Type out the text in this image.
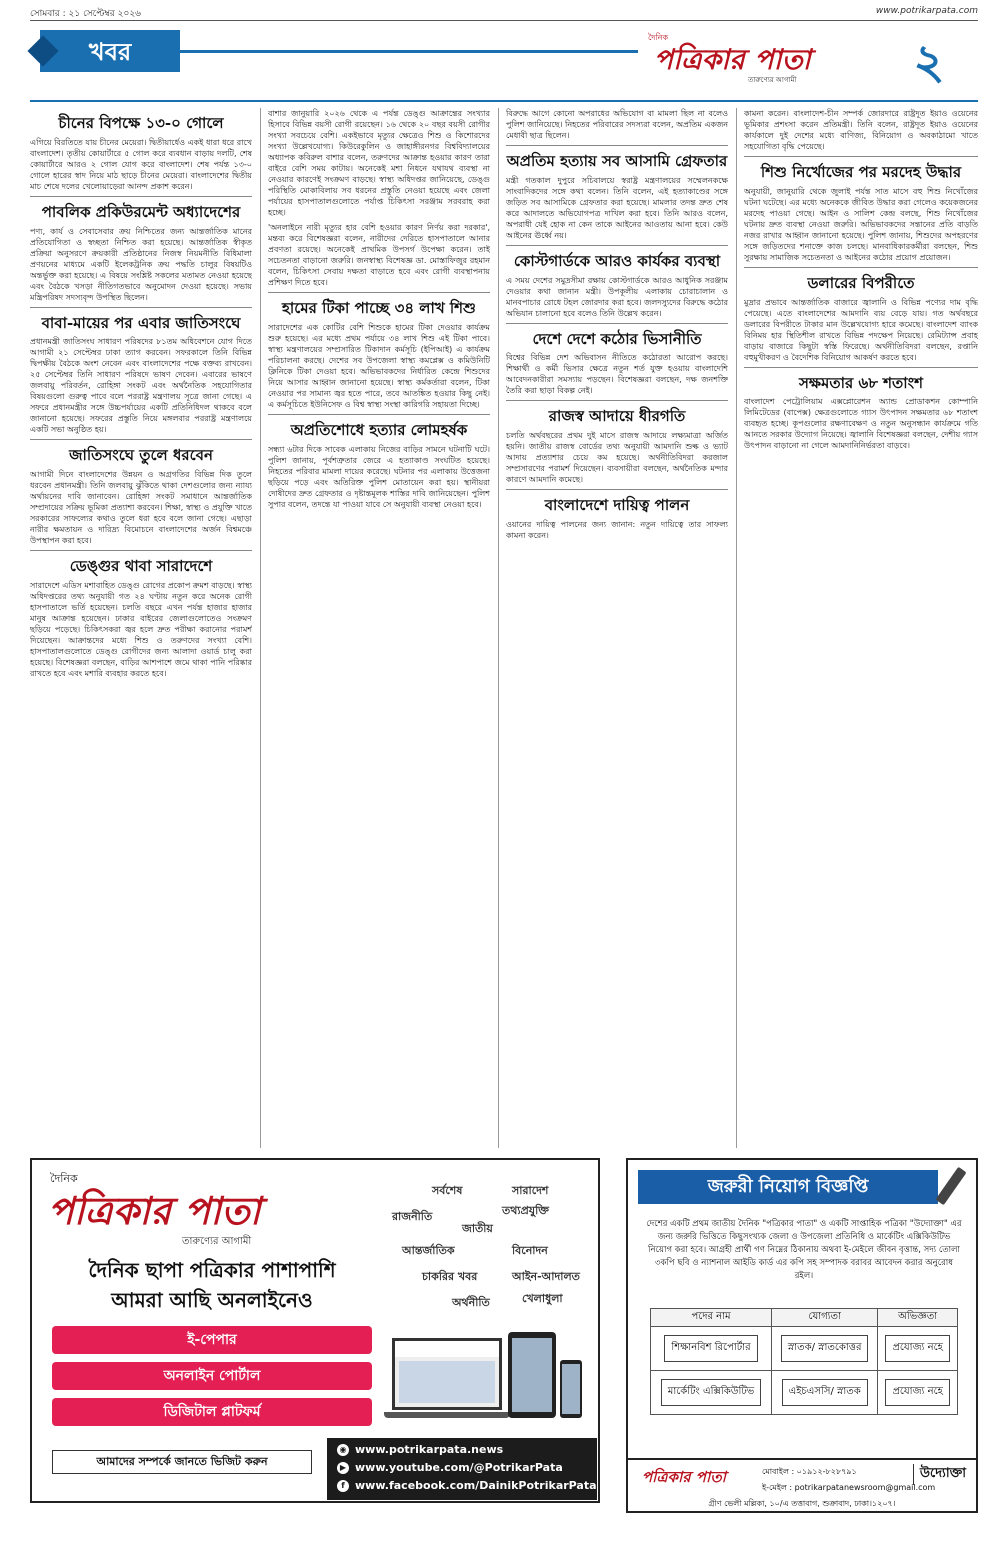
সোমবার : ২১ সেপ্টেম্বর ২০২৬	www.potrikarpata.com
খবর	দৈনিক
পত্রিকার পাতা
তারুণ্যের আগামী	২
চীনের বিপক্ষে ১৩-০ গোলে
এগিয়ে বিরতিতে যায় চীনের মেয়েরা। দ্বিতীয়ার্ধেও একই ধারা ধরে রাখে বাংলাদেশ। তৃতীয় কোয়ার্টারে ৫ গোল করে ব্যবধান বাড়ায় দলটি, শেষ কোয়ার্টারে আরও ২ গোল যোগ করে বাংলাদেশ। শেষ পর্যন্ত ১৩-০ গোলে হারের স্বাদ নিয়ে মাঠ ছাড়ে চীনের মেয়েরা। বাংলাদেশের দ্বিতীয় মাচ শেষে দলের খেলোয়াড়েরা আনন্দ প্রকাশ করেন।
পাবলিক প্রকিউরমেন্ট অধ্যাদেশের
পণ্য, কার্য ও সেবাসেবার ক্রয় নিশ্চিতের জন্য আন্তর্জাতিক মানের প্রতিযোগিতা ও স্বচ্ছতা নিশ্চিত করা হয়েছে। আন্তর্জাতিক স্বীকৃত প্রক্রিয়া অনুসরণে ক্রয়কারী প্রতিষ্ঠানের নিজস্ব নিয়মনীতি বিধিমালা প্রণয়নের মাধ্যমে একটি ইলেকট্রনিক ক্রয় পদ্ধতি চালুর বিষয়টিও অন্তর্ভুক্ত করা হয়েছে। এ বিষয়ে সংশ্লিষ্ট সকলের মতামত নেওয়া হয়েছে এবং বৈঠকে খসড়া নীতিগতভাবে অনুমোদন দেওয়া হয়েছে। সভায় মন্ত্রিপরিষদ সদস্যবৃন্দ উপস্থিত ছিলেন।
বাবা-মায়ের পর এবার জাতিসংঘে
প্রধানমন্ত্রী জাতিসংঘ সাধারণ পরিষদের ৮১তম অধিবেশনে যোগ দিতে আগামী ২১ সেপ্টেম্বর ঢাকা ত্যাগ করবেন। সফরকালে তিনি বিভিন্ন দ্বিপক্ষীয় বৈঠকে অংশ নেবেন এবং বাংলাদেশের পক্ষে বক্তব্য রাখবেন। ২৫ সেপ্টেম্বর তিনি সাধারণ পরিষদে ভাষণ দেবেন। এবারের ভাষণে জলবায়ু পরিবর্তন, রোহিঙ্গা সংকট এবং অর্থনৈতিক সহযোগিতার বিষয়গুলো গুরুত্ব পাবে বলে পররাষ্ট্র মন্ত্রণালয় সূত্রে জানা গেছে। এ সফরে প্রধানমন্ত্রীর সঙ্গে উচ্চপর্যায়ের একটি প্রতিনিধিদল থাকবে বলে জানানো হয়েছে। সফরের প্রস্তুতি নিয়ে মঙ্গলবার পররাষ্ট্র মন্ত্রণালয়ে একটি সভা অনুষ্ঠিত হয়।
জাতিসংঘে তুলে ধরবেন
আগামী দিনে বাংলাদেশের উন্নয়ন ও অগ্রগতির বিভিন্ন দিক তুলে ধরবেন প্রধানমন্ত্রী। তিনি জলবায়ু ঝুঁকিতে থাকা দেশগুলোর জন্য ন্যায্য অর্থায়নের দাবি জানাবেন। রোহিঙ্গা সংকট সমাধানে আন্তর্জাতিক সম্প্রদায়ের সক্রিয় ভূমিকা প্রত্যাশা করবেন। শিক্ষা, স্বাস্থ্য ও প্রযুক্তি খাতে সরকারের সাফল্যের কথাও তুলে ধরা হবে বলে জানা গেছে। এছাড়া নারীর ক্ষমতায়ন ও দারিদ্র্য বিমোচনে বাংলাদেশের অর্জন বিশ্বমঞ্চে উপস্থাপন করা হবে।
ডেঙ্গুর থাবা সারাদেশে
সারাদেশে এডিস মশাবাহিত ডেঙ্গু রোগের প্রকোপ ক্রমশ বাড়ছে। স্বাস্থ্য অধিদপ্তরের তথ্য অনুযায়ী গত ২৪ ঘণ্টায় নতুন করে অনেক রোগী হাসপাতালে ভর্তি হয়েছেন। চলতি বছরে এখন পর্যন্ত হাজার হাজার মানুষ আক্রান্ত হয়েছেন। ঢাকার বাইরের জেলাগুলোতেও সংক্রমণ ছড়িয়ে পড়েছে। চিকিৎসকরা জ্বর হলে দ্রুত পরীক্ষা করানোর পরামর্শ দিয়েছেন। আক্রান্তদের মধ্যে শিশু ও তরুণদের সংখ্যা বেশি। হাসপাতালগুলোতে ডেঙ্গু রোগীদের জন্য আলাদা ওয়ার্ড চালু করা হয়েছে। বিশেষজ্ঞরা বলছেন, বাড়ির আশপাশে জমে থাকা পানি পরিষ্কার রাখতে হবে এবং মশারি ব্যবহার করতে হবে।
বাশার জানুয়ারি ২০২৬ থেকে এ পর্যন্ত ডেঙ্গু আক্রান্তের সংখ্যার হিসাবে বিভিন্ন বয়সী রোগী রয়েছেন। ১৬ থেকে ২০ বছর বয়সী রোগীর সংখ্যা সবচেয়ে বেশি। একইভাবে মৃত্যুর ক্ষেত্রেও শিশু ও কিশোরদের সংখ্যা উল্লেখযোগ্য। কিউরেকুলিন ও জাহাঙ্গীরনগর বিশ্ববিদ্যালয়ের অধ্যাপক কবিরুল বাশার বলেন, তরুণদের আক্রান্ত হওয়ার কারণ তারা বাইরে বেশি সময় কাটায়। অনেকেই মশা নিধনে যথাযথ ব্যবস্থা না নেওয়ার কারণেই সংক্রমণ বাড়ছে। স্বাস্থ্য অধিদপ্তর জানিয়েছে, ডেঙ্গু পরিস্থিতি মোকাবিলায় সব ধরনের প্রস্তুতি নেওয়া হয়েছে এবং জেলা পর্যায়ের হাসপাতালগুলোতে পর্যাপ্ত চিকিৎসা সরঞ্জাম সরবরাহ করা হচ্ছে।
'অনলাইনে নারী মৃত্যুর হার বেশি হওয়ার কারণ নির্ণয় করা দরকার', মন্তব্য করে বিশেষজ্ঞরা বলেন, নারীদের দেরিতে হাসপাতালে আনার প্রবণতা রয়েছে। অনেকেই প্রাথমিক উপসর্গ উপেক্ষা করেন। তাই সচেতনতা বাড়ানো জরুরি। জনস্বাস্থ্য বিশেষজ্ঞ ডা. মোস্তাফিজুর রহমান বলেন, চিকিৎসা সেবায় দক্ষতা বাড়াতে হবে এবং রোগী ব্যবস্থাপনায় প্রশিক্ষণ দিতে হবে।
হামের টিকা পাচ্ছে ৩৪ লাখ শিশু
সারাদেশের এক কোটির বেশি শিশুকে হামের টিকা দেওয়ার কার্যক্রম শুরু হয়েছে। এর মধ্যে প্রথম পর্যায়ে ৩৪ লাখ শিশু এই টিকা পাবে। স্বাস্থ্য মন্ত্রণালয়ের সম্প্রসারিত টিকাদান কর্মসূচি (ইপিআই) এ কার্যক্রম পরিচালনা করছে। দেশের সব উপজেলা স্বাস্থ্য কমপ্লেক্স ও কমিউনিটি ক্লিনিকে টিকা দেওয়া হবে। অভিভাবকদের নির্ধারিত কেন্দ্রে শিশুদের নিয়ে আসার আহ্বান জানানো হয়েছে। স্বাস্থ্য কর্মকর্তারা বলেন, টিকা নেওয়ার পর সামান্য জ্বর হতে পারে, তবে আতঙ্কিত হওয়ার কিছু নেই। এ কর্মসূচিতে ইউনিসেফ ও বিশ্ব স্বাস্থ্য সংস্থা কারিগরি সহায়তা দিচ্ছে।
অপ্রতিশোধে হত্যার লোমহর্ষক
সন্ধ্যা ৬টার দিকে সাবেক এলাকায় নিজের বাড়ির সামনে ঘটনাটি ঘটে। পুলিশ জানায়, পূর্বশত্রুতার জেরে এ হত্যাকাণ্ড সংঘটিত হয়েছে। নিহতের পরিবার মামলা দায়ের করেছে। ঘটনার পর এলাকায় উত্তেজনা ছড়িয়ে পড়ে এবং অতিরিক্ত পুলিশ মোতায়েন করা হয়। স্থানীয়রা দোষীদের দ্রুত গ্রেফতার ও দৃষ্টান্তমূলক শাস্তির দাবি জানিয়েছেন। পুলিশ সুপার বলেন, তদন্তে যা পাওয়া যাবে সে অনুযায়ী ব্যবস্থা নেওয়া হবে।
বিরুদ্ধে আগে কোনো অপরাধের অভিযোগ বা মামলা ছিল না বলেও পুলিশ জানিয়েছে। নিহতের পরিবারের সদস্যরা বলেন, অপ্রতিম একজন মেধাবী ছাত্র ছিলেন।
অপ্রতিম হত্যায় সব আসামি গ্রেফতার
মন্ত্রী গতকাল দুপুরে সচিবালয়ে স্বরাষ্ট্র মন্ত্রণালয়ের সম্মেলনকক্ষে সাংবাদিকদের সঙ্গে কথা বলেন। তিনি বলেন, এই হত্যাকাণ্ডের সঙ্গে জড়িত সব আসামিকে গ্রেফতার করা হয়েছে। মামলার তদন্ত দ্রুত শেষ করে আদালতে অভিযোগপত্র দাখিল করা হবে। তিনি আরও বলেন, অপরাধী যেই হোক না কেন তাকে আইনের আওতায় আনা হবে। কেউ আইনের ঊর্ধ্বে নয়।
কোস্টগার্ডকে আরও কার্যকর ব্যবস্থা
এ সময় দেশের সমুদ্রসীমা রক্ষায় কোস্টগার্ডকে আরও আধুনিক সরঞ্জাম দেওয়ার কথা জানান মন্ত্রী। উপকূলীয় এলাকায় চোরাচালান ও মানবপাচার রোধে টহল জোরদার করা হবে। জলদস্যুদের বিরুদ্ধে কঠোর অভিযান চালানো হবে বলেও তিনি উল্লেখ করেন।
দেশে দেশে কঠোর ভিসানীতি
বিশ্বের বিভিন্ন দেশ অভিবাসন নীতিতে কঠোরতা আরোপ করছে। শিক্ষার্থী ও কর্মী ভিসার ক্ষেত্রে নতুন শর্ত যুক্ত হওয়ায় বাংলাদেশি আবেদনকারীরা সমস্যায় পড়ছেন। বিশেষজ্ঞরা বলছেন, দক্ষ জনশক্তি তৈরি করা ছাড়া বিকল্প নেই।
রাজস্ব আদায়ে ধীরগতি
চলতি অর্থবছরের প্রথম দুই মাসে রাজস্ব আদায়ে লক্ষ্যমাত্রা অর্জিত হয়নি। জাতীয় রাজস্ব বোর্ডের তথ্য অনুযায়ী আমদানি শুল্ক ও ভ্যাট আদায় প্রত্যাশার চেয়ে কম হয়েছে। অর্থনীতিবিদরা করজাল সম্প্রসারণের পরামর্শ দিয়েছেন। ব্যবসায়ীরা বলছেন, অর্থনৈতিক মন্দার কারণে আমদানি কমেছে।
বাংলাদেশে দায়িত্ব পালন
ওয়ানের দায়িত্ব পালনের জন্য জানান: নতুন দায়িত্বে তার সাফল্য কামনা করেন।
কামনা করেন। বাংলাদেশ-চীন সম্পর্ক জোরদারে রাষ্ট্রদূত ইয়াও ওয়েনের ভূমিকার প্রশংসা করেন প্রতিমন্ত্রী। তিনি বলেন, রাষ্ট্রদূত ইয়াও ওয়েনের কার্যকালে দুই দেশের মধ্যে বাণিজ্য, বিনিয়োগ ও অবকাঠামো খাতে সহযোগিতা বৃদ্ধি পেয়েছে।
শিশু নির্খোজের পর মরদেহ উদ্ধার
অনুযায়ী, জানুয়ারি থেকে জুলাই পর্যন্ত সাত মাসে বহু শিশু নিখোঁজের ঘটনা ঘটেছে। এর মধ্যে অনেককে জীবিত উদ্ধার করা গেলেও কয়েকজনের মরদেহ পাওয়া গেছে। আইন ও সালিশ কেন্দ্র বলছে, শিশু নিখোঁজের ঘটনায় দ্রুত ব্যবস্থা নেওয়া জরুরি। অভিভাবকদের সন্তানের প্রতি বাড়তি নজর রাখার আহ্বান জানানো হয়েছে। পুলিশ জানায়, শিশুদের অপহরণের সঙ্গে জড়িতদের শনাক্তে কাজ চলছে। মানবাধিকারকর্মীরা বলছেন, শিশু সুরক্ষায় সামাজিক সচেতনতা ও আইনের কঠোর প্রয়োগ প্রয়োজন।
ডলারের বিপরীতে
মুদ্রার প্রভাবে আন্তর্জাতিক বাজারে জ্বালানি ও বিভিন্ন পণ্যের দাম বৃদ্ধি পেয়েছে। এতে বাংলাদেশের আমদানি ব্যয় বেড়ে যায়। গত অর্থবছরে ডলারের বিপরীতে টাকার মান উল্লেখযোগ্য হারে কমেছে। বাংলাদেশ ব্যাংক বিনিময় হার স্থিতিশীল রাখতে বিভিন্ন পদক্ষেপ নিয়েছে। রেমিট্যান্স প্রবাহ বাড়ায় বাজারে কিছুটা স্বস্তি ফিরেছে। অর্থনীতিবিদরা বলছেন, রপ্তানি বহুমুখীকরণ ও বৈদেশিক বিনিয়োগ আকর্ষণ করতে হবে।
সক্ষমতার ৬৮ শতাংশ
বাংলাদেশ পেট্রোলিয়াম এক্সপ্লোরেশন অ্যান্ড প্রোডাকশন কোম্পানি লিমিটেডের (বাপেক্স) ক্ষেত্রগুলোতে গ্যাস উৎপাদন সক্ষমতার ৬৮ শতাংশ ব্যবহৃত হচ্ছে। কূপগুলোর রক্ষণাবেক্ষণ ও নতুন অনুসন্ধান কার্যক্রমে গতি আনতে সরকার উদ্যোগ নিয়েছে। জ্বালানি বিশেষজ্ঞরা বলছেন, দেশীয় গ্যাস উৎপাদন বাড়ানো না গেলে আমদানিনির্ভরতা বাড়বে।
দৈনিক
পত্রিকার পাতা
তারুণ্যের আগামী
দৈনিক ছাপা পত্রিকার পাশাপাশি
আমরা আছি অনলাইনেও
ই-পেপার
অনলাইন পোর্টাল
ডিজিটাল প্লাটফর্ম
সর্বশেষ	সারাদেশ
তথ্যপ্রযুক্তি
রাজনীতি
জাতীয়
আন্তর্জাতিক	বিনোদন
চাকরির খবর	আইন-আদালত
খেলাধুলা
অর্থনীতি
আমাদের সম্পর্কে জানতে ভিজিট করুন
◉ www.potrikarpata.news
▶ www.youtube.com/@PotrikarPata
f www.facebook.com/DainikPotrikarPata
জরুরী নিয়োগ বিজ্ঞপ্তি
দেশের একটি প্রথম জাতীয় দৈনিক "পত্রিকার পাতা" ও একটি সাপ্তাহিক পত্রিকা "উদ্যোক্তা" এর জন্য জরুরি ভিত্তিতে কিছুসংখ্যক জেলা ও উপজেলা প্রতিনিধি ও মার্কেটিং এক্সিকিউটিভ নিয়োগ করা হবে। আগ্রহী প্রার্থী গণ নিম্নের ঠিকানায় অথবা ই-মেইলে জীবন বৃত্তান্ত, সদ্য তোলা ৩কপি ছবি ও ন্যাশনাল আইডি কার্ড এর কপি সহ সম্পাদক বরাবর আবেদন করার অনুরোধ রইল।
পদের নাম	যোগ্যতা	অভিজ্ঞতা
শিক্ষানবিশ রিপোর্টার	স্নাতক/ স্নাতকোত্তর	প্রযোজ্য নহে
মার্কেটিং এক্সিকিউটিভ	এইচএসসি/ স্নাতক	প্রযোজ্য নহে
পত্রিকার পাতা	মোবাইল : ০১৯১২-৮২৮৭৯১
ই-মেইল : potrikarpatanewsroom@gmail.com
উদ্যোক্তা
গ্রীণ ভেলী মল্লিকা, ১০/এ তত্তাবাগ, শুক্রাবাদ, ঢাকা।১২০৭।
